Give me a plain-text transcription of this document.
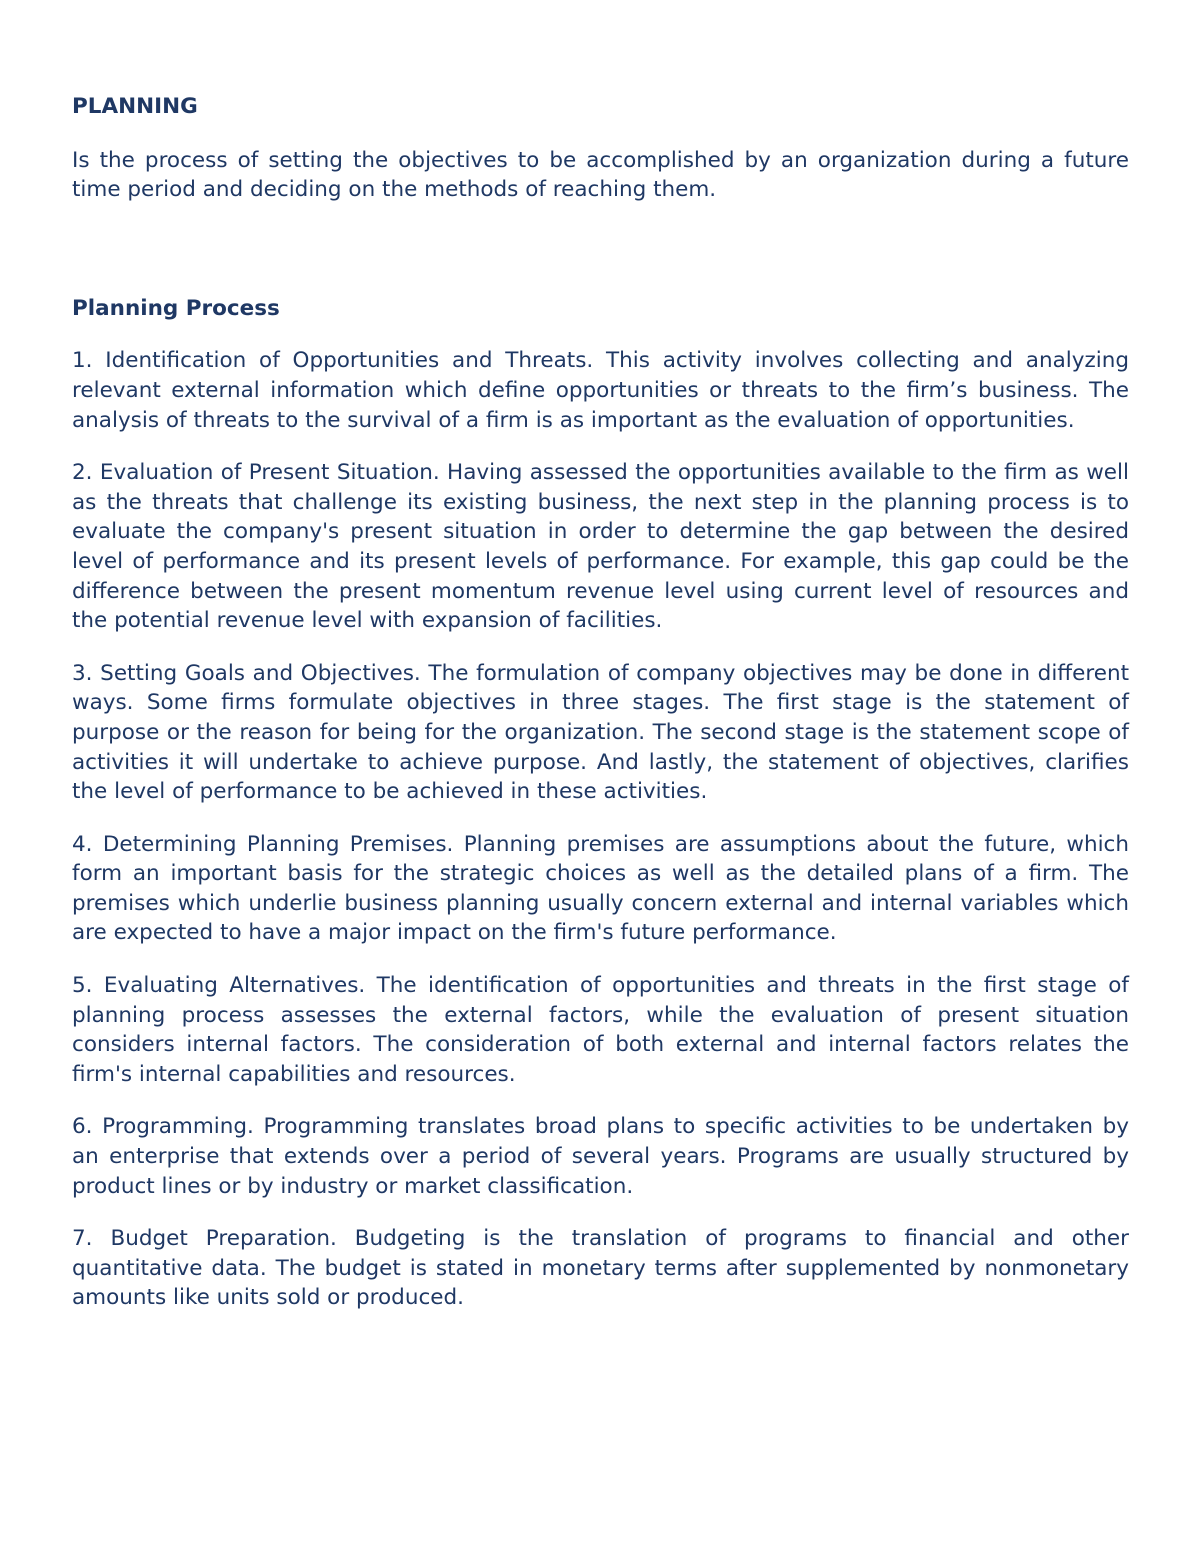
PLANNING

Is the process of setting the objectives to be accomplished by an organization during a future time period and deciding on the methods of reaching them.

Planning Process

1. Identification of Opportunities and Threats. This activity involves collecting and analyzing relevant external information which define opportunities or threats to the firm’s business. The analysis of threats to the survival of a firm is as important as the evaluation of opportunities.

2. Evaluation of Present Situation. Having assessed the opportunities available to the firm as well as the threats that challenge its existing business, the next step in the planning process is to evaluate the company's present situation in order to determine the gap between the desired level of performance and its present levels of performance. For example, this gap could be the difference between the present momentum revenue level using current level of resources and the potential revenue level with expansion of facilities.

3. Setting Goals and Objectives. The formulation of company objectives may be done in different ways. Some firms formulate objectives in three stages. The first stage is the statement of purpose or the reason for being for the organization. The second stage is the statement scope of activities it will undertake to achieve purpose. And lastly, the statement of objectives, clarifies the level of performance to be achieved in these activities.

4. Determining Planning Premises. Planning premises are assumptions about the future, which form an important basis for the strategic choices as well as the detailed plans of a firm. The premises which underlie business planning usually concern external and internal variables which are expected to have a major impact on the firm's future performance.

5. Evaluating Alternatives. The identification of opportunities and threats in the first stage of planning process assesses the external factors, while the evaluation of present situation considers internal factors. The consideration of both external and internal factors relates the firm's internal capabilities and resources.

6. Programming. Programming translates broad plans to specific activities to be undertaken by an enterprise that extends over a period of several years. Programs are usually structured by product lines or by industry or market classification.

7. Budget Preparation. Budgeting is the translation of programs to financial and other quantitative data. The budget is stated in monetary terms after supplemented by nonmonetary amounts like units sold or produced.
